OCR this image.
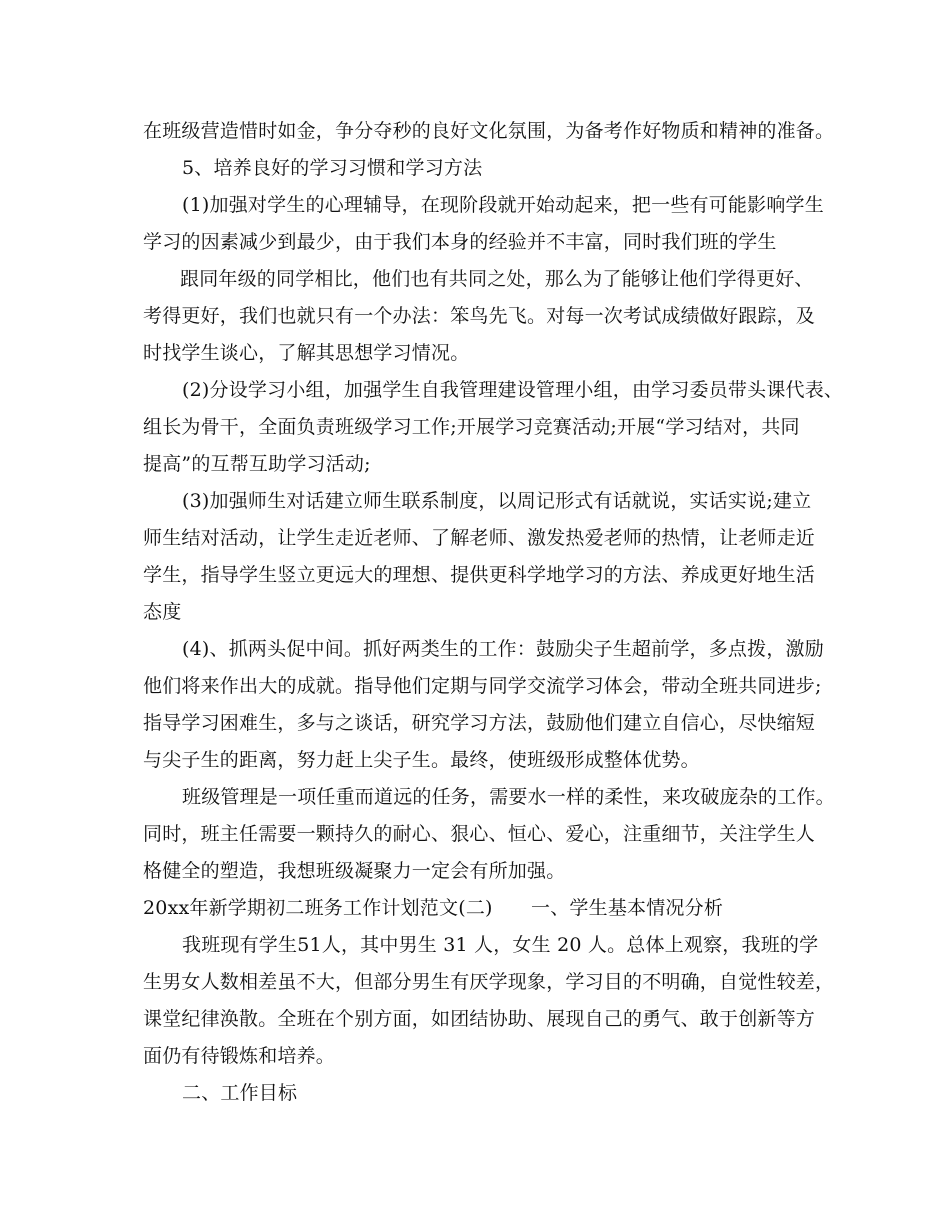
在班级营造惜时如金，争分夺秒的良好文化氛围，为备考作好物质和精神的准备。
5、培养良好的学习习惯和学习方法
(1)加强对学生的心理辅导，在现阶段就开始动起来，把一些有可能影响学生
学习的因素减少到最少，由于我们本身的经验并不丰富，同时我们班的学生
跟同年级的同学相比，他们也有共同之处，那么为了能够让他们学得更好、
考得更好，我们也就只有一个办法：笨鸟先飞。对每一次考试成绩做好跟踪，及
时找学生谈心，了解其思想学习情况。
(2)分设学习小组，加强学生自我管理建设管理小组，由学习委员带头课代表、
组长为骨干，全面负责班级学习工作;开展学习竞赛活动;开展“学习结对，共同
提高”的互帮互助学习活动;
(3)加强师生对话建立师生联系制度，以周记形式有话就说，实话实说;建立
师生结对活动，让学生走近老师、了解老师、激发热爱老师的热情，让老师走近
学生，指导学生竖立更远大的理想、提供更科学地学习的方法、养成更好地生活
态度
(4)、抓两头促中间。抓好两类生的工作：鼓励尖子生超前学，多点拨，激励
他们将来作出大的成就。指导他们定期与同学交流学习体会，带动全班共同进步;
指导学习困难生，多与之谈话，研究学习方法，鼓励他们建立自信心，尽快缩短
与尖子生的距离，努力赶上尖子生。最终，使班级形成整体优势。
班级管理是一项任重而道远的任务，需要水一样的柔性，来攻破庞杂的工作。
同时，班主任需要一颗持久的耐心、狠心、恒心、爱心，注重细节，关注学生人
格健全的塑造，我想班级凝聚力一定会有所加强。
20xx年新学期初二班务工作计划范文(二)　　一、学生基本情况分析
我班现有学生51人，其中男生 31 人，女生 20 人。总体上观察，我班的学
生男女人数相差虽不大，但部分男生有厌学现象，学习目的不明确，自觉性较差，
课堂纪律涣散。全班在个别方面，如团结协助、展现自己的勇气、敢于创新等方
面仍有待锻炼和培养。
二、工作目标
